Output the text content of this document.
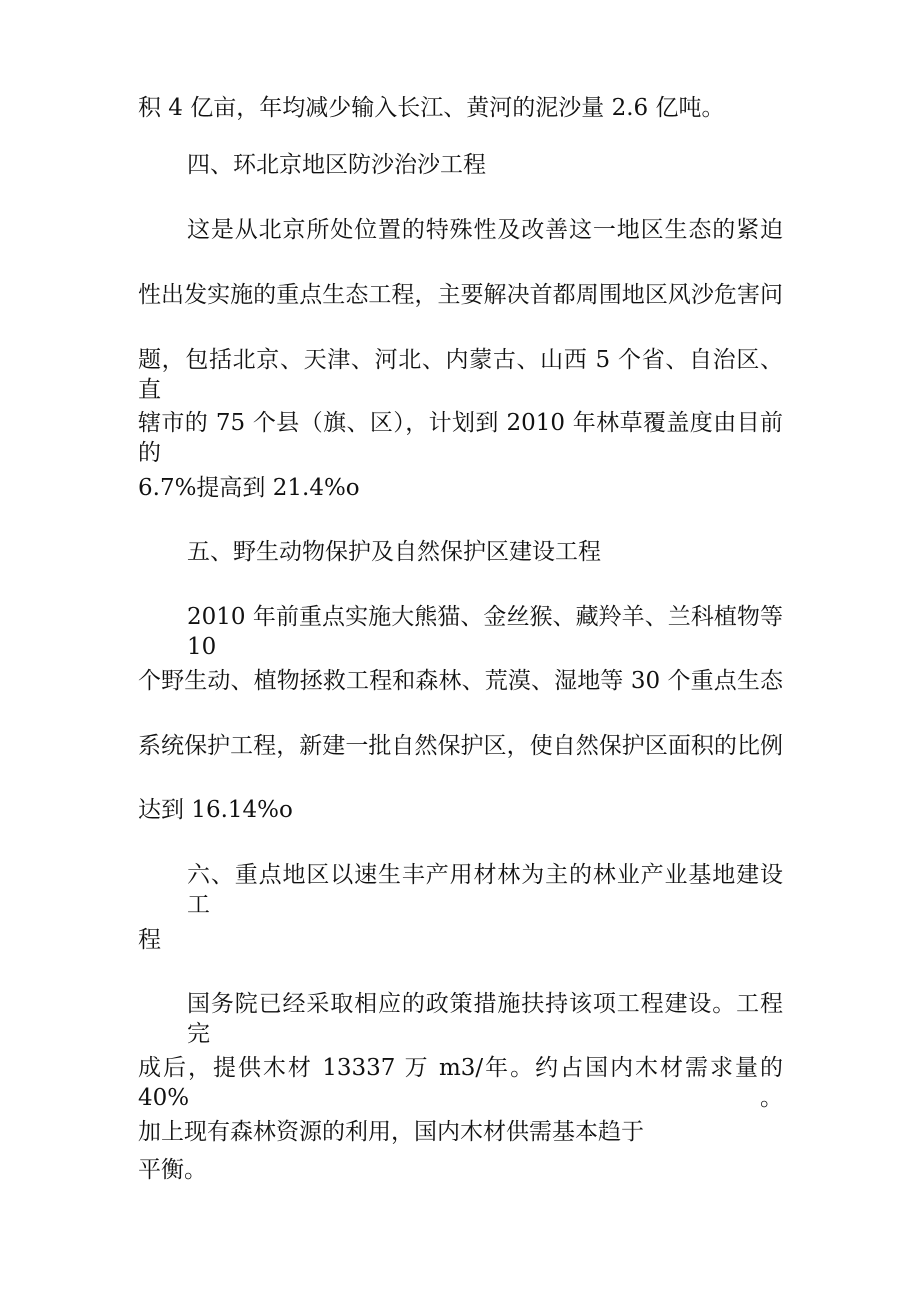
积 4 亿亩，年均减少输入长江、黄河的泥沙量 2.6 亿吨。
四、环北京地区防沙治沙工程
这是从北京所处位置的特殊性及改善这一地区生态的紧迫
性出发实施的重点生态工程，主要解决首都周围地区风沙危害问
题，包括北京、天津、河北、内蒙古、山西 5 个省、自治区、直
辖市的 75 个县（旗、区），计划到 2010 年林草覆盖度由目前的
6.7%提高到 21.4%o
五、野生动物保护及自然保护区建设工程
2010 年前重点实施大熊猫、金丝猴、藏羚羊、兰科植物等 10
个野生动、植物拯救工程和森林、荒漠、湿地等 30 个重点生态
系统保护工程，新建一批自然保护区，使自然保护区面积的比例
达到 16.14%o
六、重点地区以速生丰产用材林为主的林业产业基地建设工
程
国务院已经采取相应的政策措施扶持该项工程建设。工程完
成后，提供木材 13337 万 m3/年。约占国内木材需求量的 40%。
加上现有森林资源的利用，国内木材供需基本趋于
平衡。
